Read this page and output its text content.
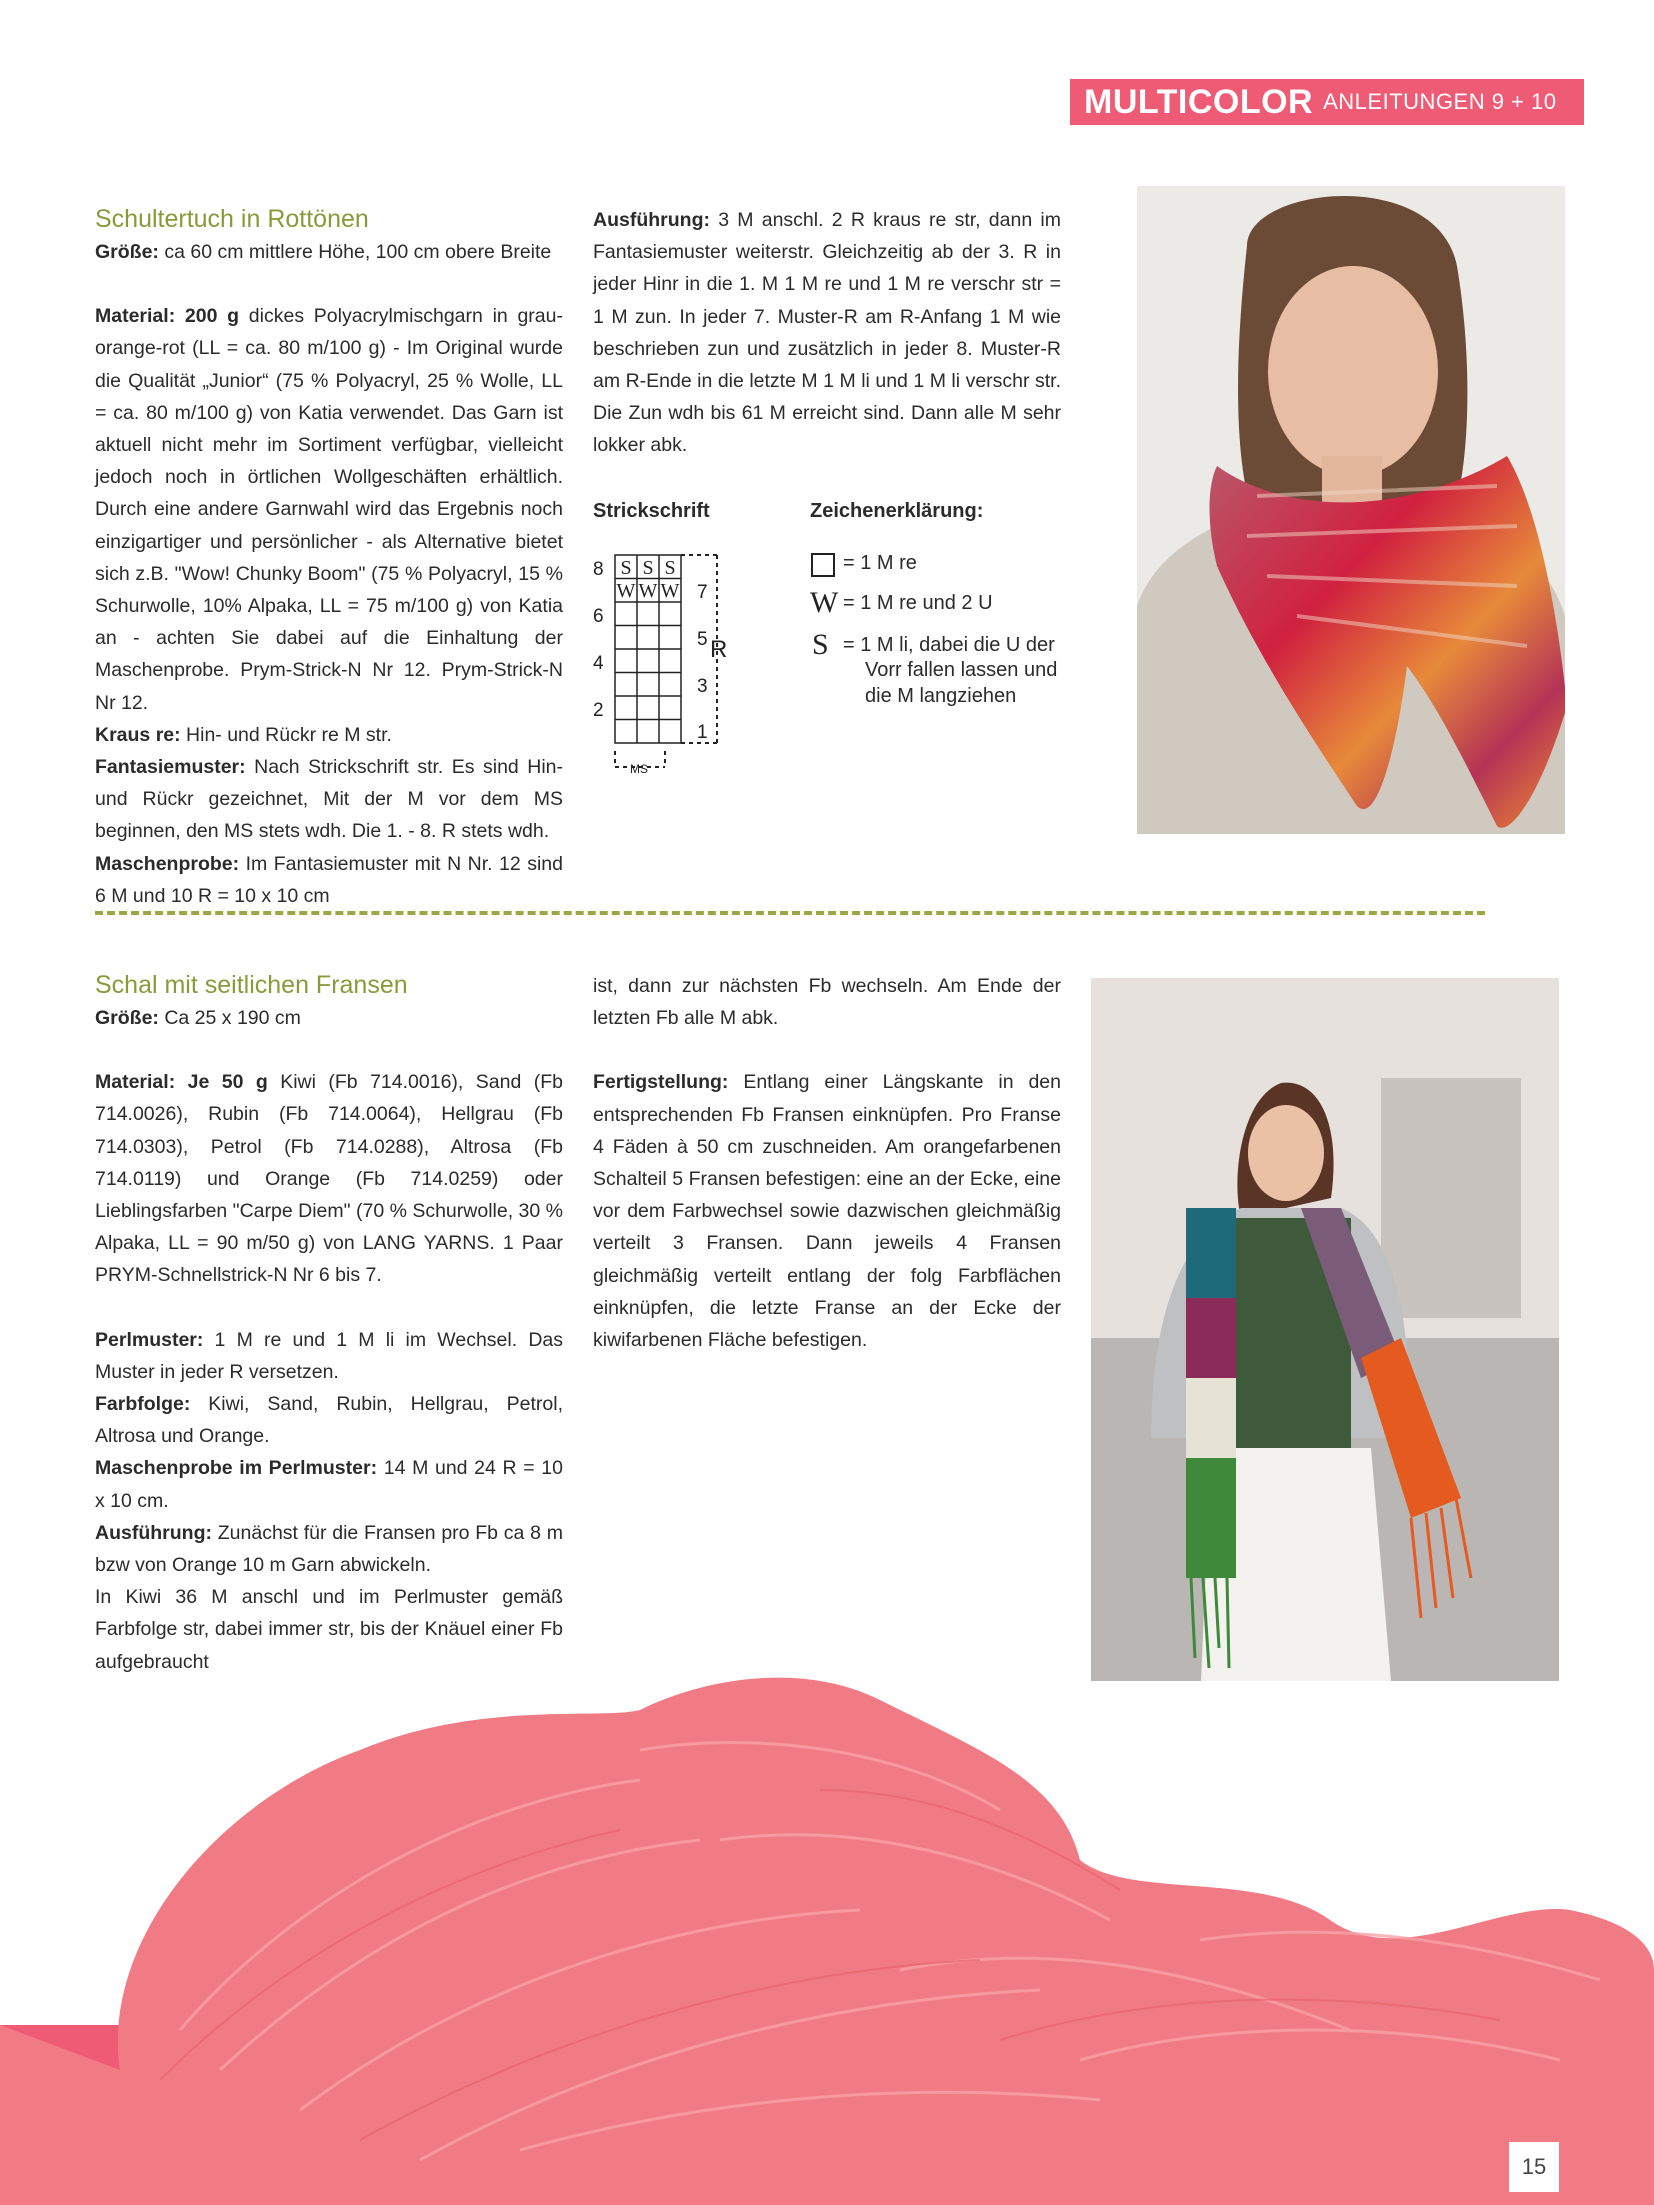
MULTICOLOR ANLEITUNGEN 9 + 10

Schultertuch in Rottönen

Größe: ca 60 cm mittlere Höhe, 100 cm obere Breite

Material: 200 g dickes Polyacrylmischgarn in grau-orange-rot (LL = ca. 80 m/100 g) - Im Original wurde die Qualität „Junior“ (75 % Polyacryl, 25 % Wolle, LL = ca. 80 m/100 g) von Katia verwendet. Das Garn ist aktuell nicht mehr im Sortiment verfügbar, vielleicht jedoch noch in örtlichen Wollgeschäften erhältlich. Durch eine andere Garnwahl wird das Ergebnis noch einzigartiger und persönlicher - als Alternative bietet sich z.B. "Wow! Chunky Boom" (75 % Polyacryl, 15 % Schurwolle, 10% Alpaka, LL = 75 m/100 g) von Katia an - achten Sie dabei auf die Einhaltung der Maschenprobe. Prym-Strick-N Nr 12. Prym-Strick-N Nr 12.

Kraus re: Hin- und Rückr re M str.

Fantasiemuster: Nach Strickschrift str. Es sind Hin- und Rückr gezeichnet, Mit der M vor dem MS beginnen, den MS stets wdh. Die 1. - 8. R stets wdh.

Maschenprobe: Im Fantasiemuster mit N Nr. 12 sind 6 M und 10 R = 10 x 10 cm

Ausführung: 3 M anschl. 2 R kraus re str, dann im Fantasiemuster weiterstr. Gleichzeitig ab der 3. R in jeder Hinr in die 1. M 1 M re und 1 M re verschr str = 1 M zun. In jeder 7. Muster-R am R-Anfang 1 M wie beschrieben zun und zusätzlich in jeder 8. Muster-R am R-Ende in die letzte M 1 M li und 1 M li verschr str. Die Zun wdh bis 61 M erreicht sind. Dann alle M sehr lokker abk.

Strickschrift	Zeichenerklärung:
S S S
W W W
8
6
4
2
7
5
3
1
R
MS
= 1 M re
W = 1 M re und 2 U
S = 1 M li, dabei die U der
Vorr fallen lassen und
die M langziehen

Schal mit seitlichen Fransen

Größe: Ca 25 x 190 cm

Material: Je 50 g Kiwi (Fb 714.0016), Sand (Fb 714.0026), Rubin (Fb 714.0064), Hellgrau (Fb 714.0303), Petrol (Fb 714.0288), Altrosa (Fb 714.0119) und Orange (Fb 714.0259) oder Lieblingsfarben "Carpe Diem" (70 % Schurwolle, 30 % Alpaka, LL = 90 m/50 g) von LANG YARNS. 1 Paar PRYM-Schnellstrick-N Nr 6 bis 7.

Perlmuster: 1 M re und 1 M li im Wechsel. Das Muster in jeder R versetzen.

Farbfolge: Kiwi, Sand, Rubin, Hellgrau, Petrol, Altrosa und Orange.

Maschenprobe im Perlmuster: 14 M und 24 R = 10 x 10 cm.

Ausführung: Zunächst für die Fransen pro Fb ca 8 m bzw von Orange 10 m Garn abwickeln.

In Kiwi 36 M anschl und im Perlmuster gemäß Farbfolge str, dabei immer str, bis der Knäuel einer Fb aufgebraucht

ist, dann zur nächsten Fb wechseln. Am Ende der letzten Fb alle M abk.

Fertigstellung: Entlang einer Längskante in den entsprechenden Fb Fransen einknüpfen. Pro Franse 4 Fäden à 50 cm zuschneiden. Am orangefarbenen Schalteil 5 Fransen befestigen: eine an der Ecke, eine vor dem Farbwechsel sowie dazwischen gleichmäßig verteilt 3 Fransen. Dann jeweils 4 Fransen gleichmäßig verteilt entlang der folg Farbflächen einknüpfen, die letzte Franse an der Ecke der kiwifarbenen Fläche befestigen.

15
